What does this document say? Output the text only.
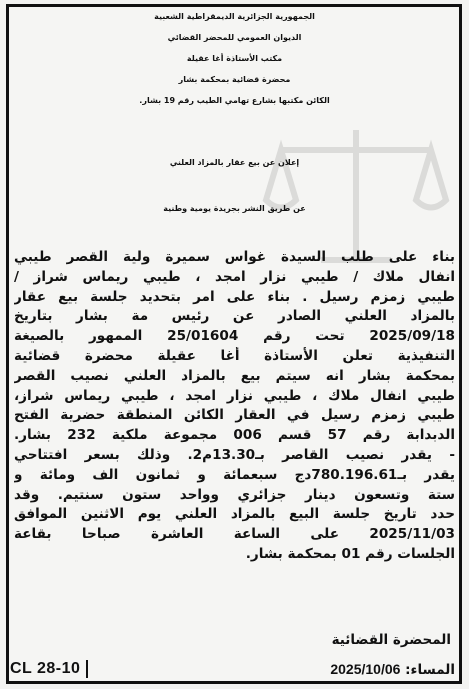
الجمهورية الجزائرية الديمقراطية الشعبية
الديوان العمومي للمحضر القضائي
مكتب الأستاذة أغا عقيلة
محضرة قضائية بمحكمة بشار
الكائن مكتبها بشارع تهامي الطيب رقم 19 بشار.
إعلان عن بيع عقار بالمزاد العلني
عن طريق النشر بجريدة يومية وطنية
بناء على طلب السيدة غواس سميرة ولية القصر طيبي
انفال ملاك / طيبي نزار امجد ، طيبي ريماس شراز /
طيبي زمزم رسيل . بناء على امر بتحديد جلسة بيع عقار
بالمزاد العلني الصادر عن رئيس مة بشار بتاريخ
2025/09/18 تحت رقم 25/01604 الممهور بالصيغة
التنفيذية تعلن الأستاذة أغا عقيلة محضرة قضائية
بمحكمة بشار انه سيتم بيع بالمزاد العلني نصيب القصر
طيبي انفال ملاك ، طيبي نزار امجد ، طيبي ريماس شراز،
طيبي زمزم رسيل في العقار الكائن المنطقة حضرية الفتح
الدبدابة رقم 57 قسم 006 مجموعة ملكية 232 بشار.
- يقدر نصيب القاصر بـ13.30م2. وذلك بسعر افتتاحي
يقدر بـ780.196.61دج سبعمائة و ثمانون الف ومائة و
ستة وتسعون دينار جزائري وواحد ستون سنتيم. وقد
حدد تاريخ جلسة البيع بالمزاد العلني يوم الاثنين الموافق
2025/11/03 على الساعة العاشرة صباحا بقاعة
الجلسات رقم 01 بمحكمة بشار.
المحضرة القضائية
CL 28-10	المساء: 2025/10/06
